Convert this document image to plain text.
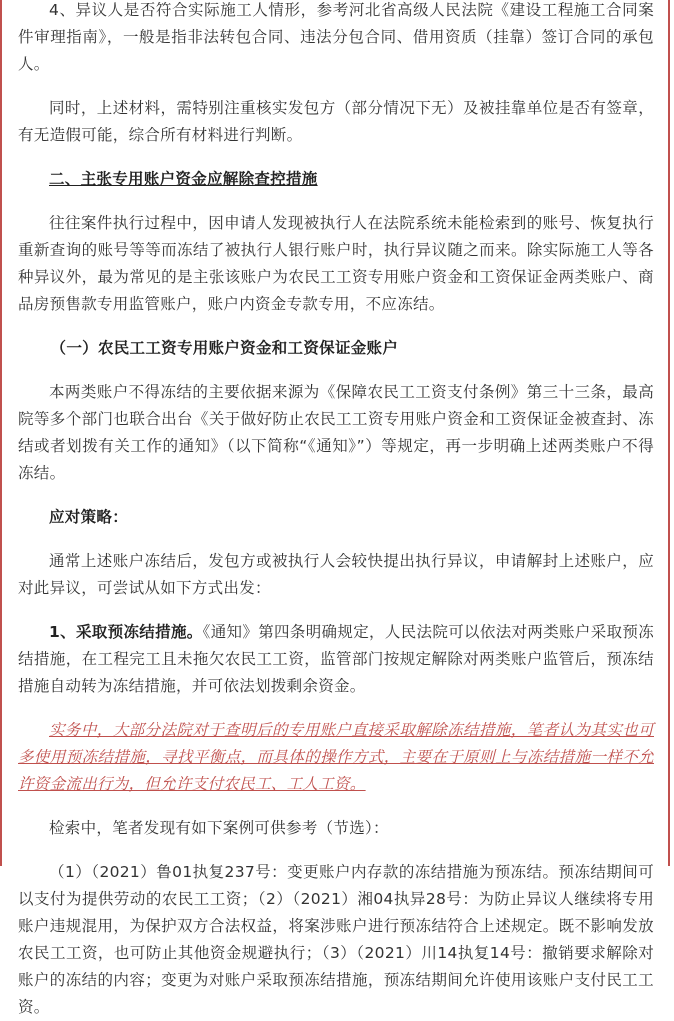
4、异议人是否符合实际施工人情形，参考河北省高级人民法院《建设工程施工合同案件审理指南》，一般是指非法转包合同、违法分包合同、借用资质（挂靠）签订合同的承包人。

同时，上述材料，需特别注重核实发包方（部分情况下无）及被挂靠单位是否有签章，有无造假可能，综合所有材料进行判断。

二、主张专用账户资金应解除查控措施

往往案件执行过程中，因申请人发现被执行人在法院系统未能检索到的账号、恢复执行重新查询的账号等等而冻结了被执行人银行账户时，执行异议随之而来。除实际施工人等各种异议外，最为常见的是主张该账户为农民工工资专用账户资金和工资保证金两类账户、商品房预售款专用监管账户，账户内资金专款专用，不应冻结。

（一）农民工工资专用账户资金和工资保证金账户

本两类账户不得冻结的主要依据来源为《保障农民工工资支付条例》第三十三条，最高院等多个部门也联合出台《关于做好防止农民工工资专用账户资金和工资保证金被查封、冻结或者划拨有关工作的通知》（以下简称“《通知》”）等规定，再一步明确上述两类账户不得冻结。

应对策略：

通常上述账户冻结后，发包方或被执行人会较快提出执行异议，申请解封上述账户，应对此异议，可尝试从如下方式出发：

1、采取预冻结措施。《通知》第四条明确规定，人民法院可以依法对两类账户采取预冻结措施，在工程完工且未拖欠农民工工资，监管部门按规定解除对两类账户监管后，预冻结措施自动转为冻结措施，并可依法划拨剩余资金。

实务中，大部分法院对于查明后的专用账户直接采取解除冻结措施，笔者认为其实也可多使用预冻结措施，寻找平衡点，而具体的操作方式，主要在于原则上与冻结措施一样不允许资金流出行为，但允许支付农民工、工人工资。

检索中，笔者发现有如下案例可供参考（节选）：

（1）（2021）鲁01执复237号：变更账户内存款的冻结措施为预冻结。预冻结期间可以支付为提供劳动的农民工工资；（2）（2021）湘04执异28号：为防止异议人继续将专用账户违规混用，为保护双方合法权益，将案涉账户进行预冻结符合上述规定。既不影响发放农民工工资，也可防止其他资金规避执行；（3）（2021）川14执复14号：撤销要求解除对账户的冻结的内容；变更为对账户采取预冻结措施，预冻结期间允许使用该账户支付民工工资。
